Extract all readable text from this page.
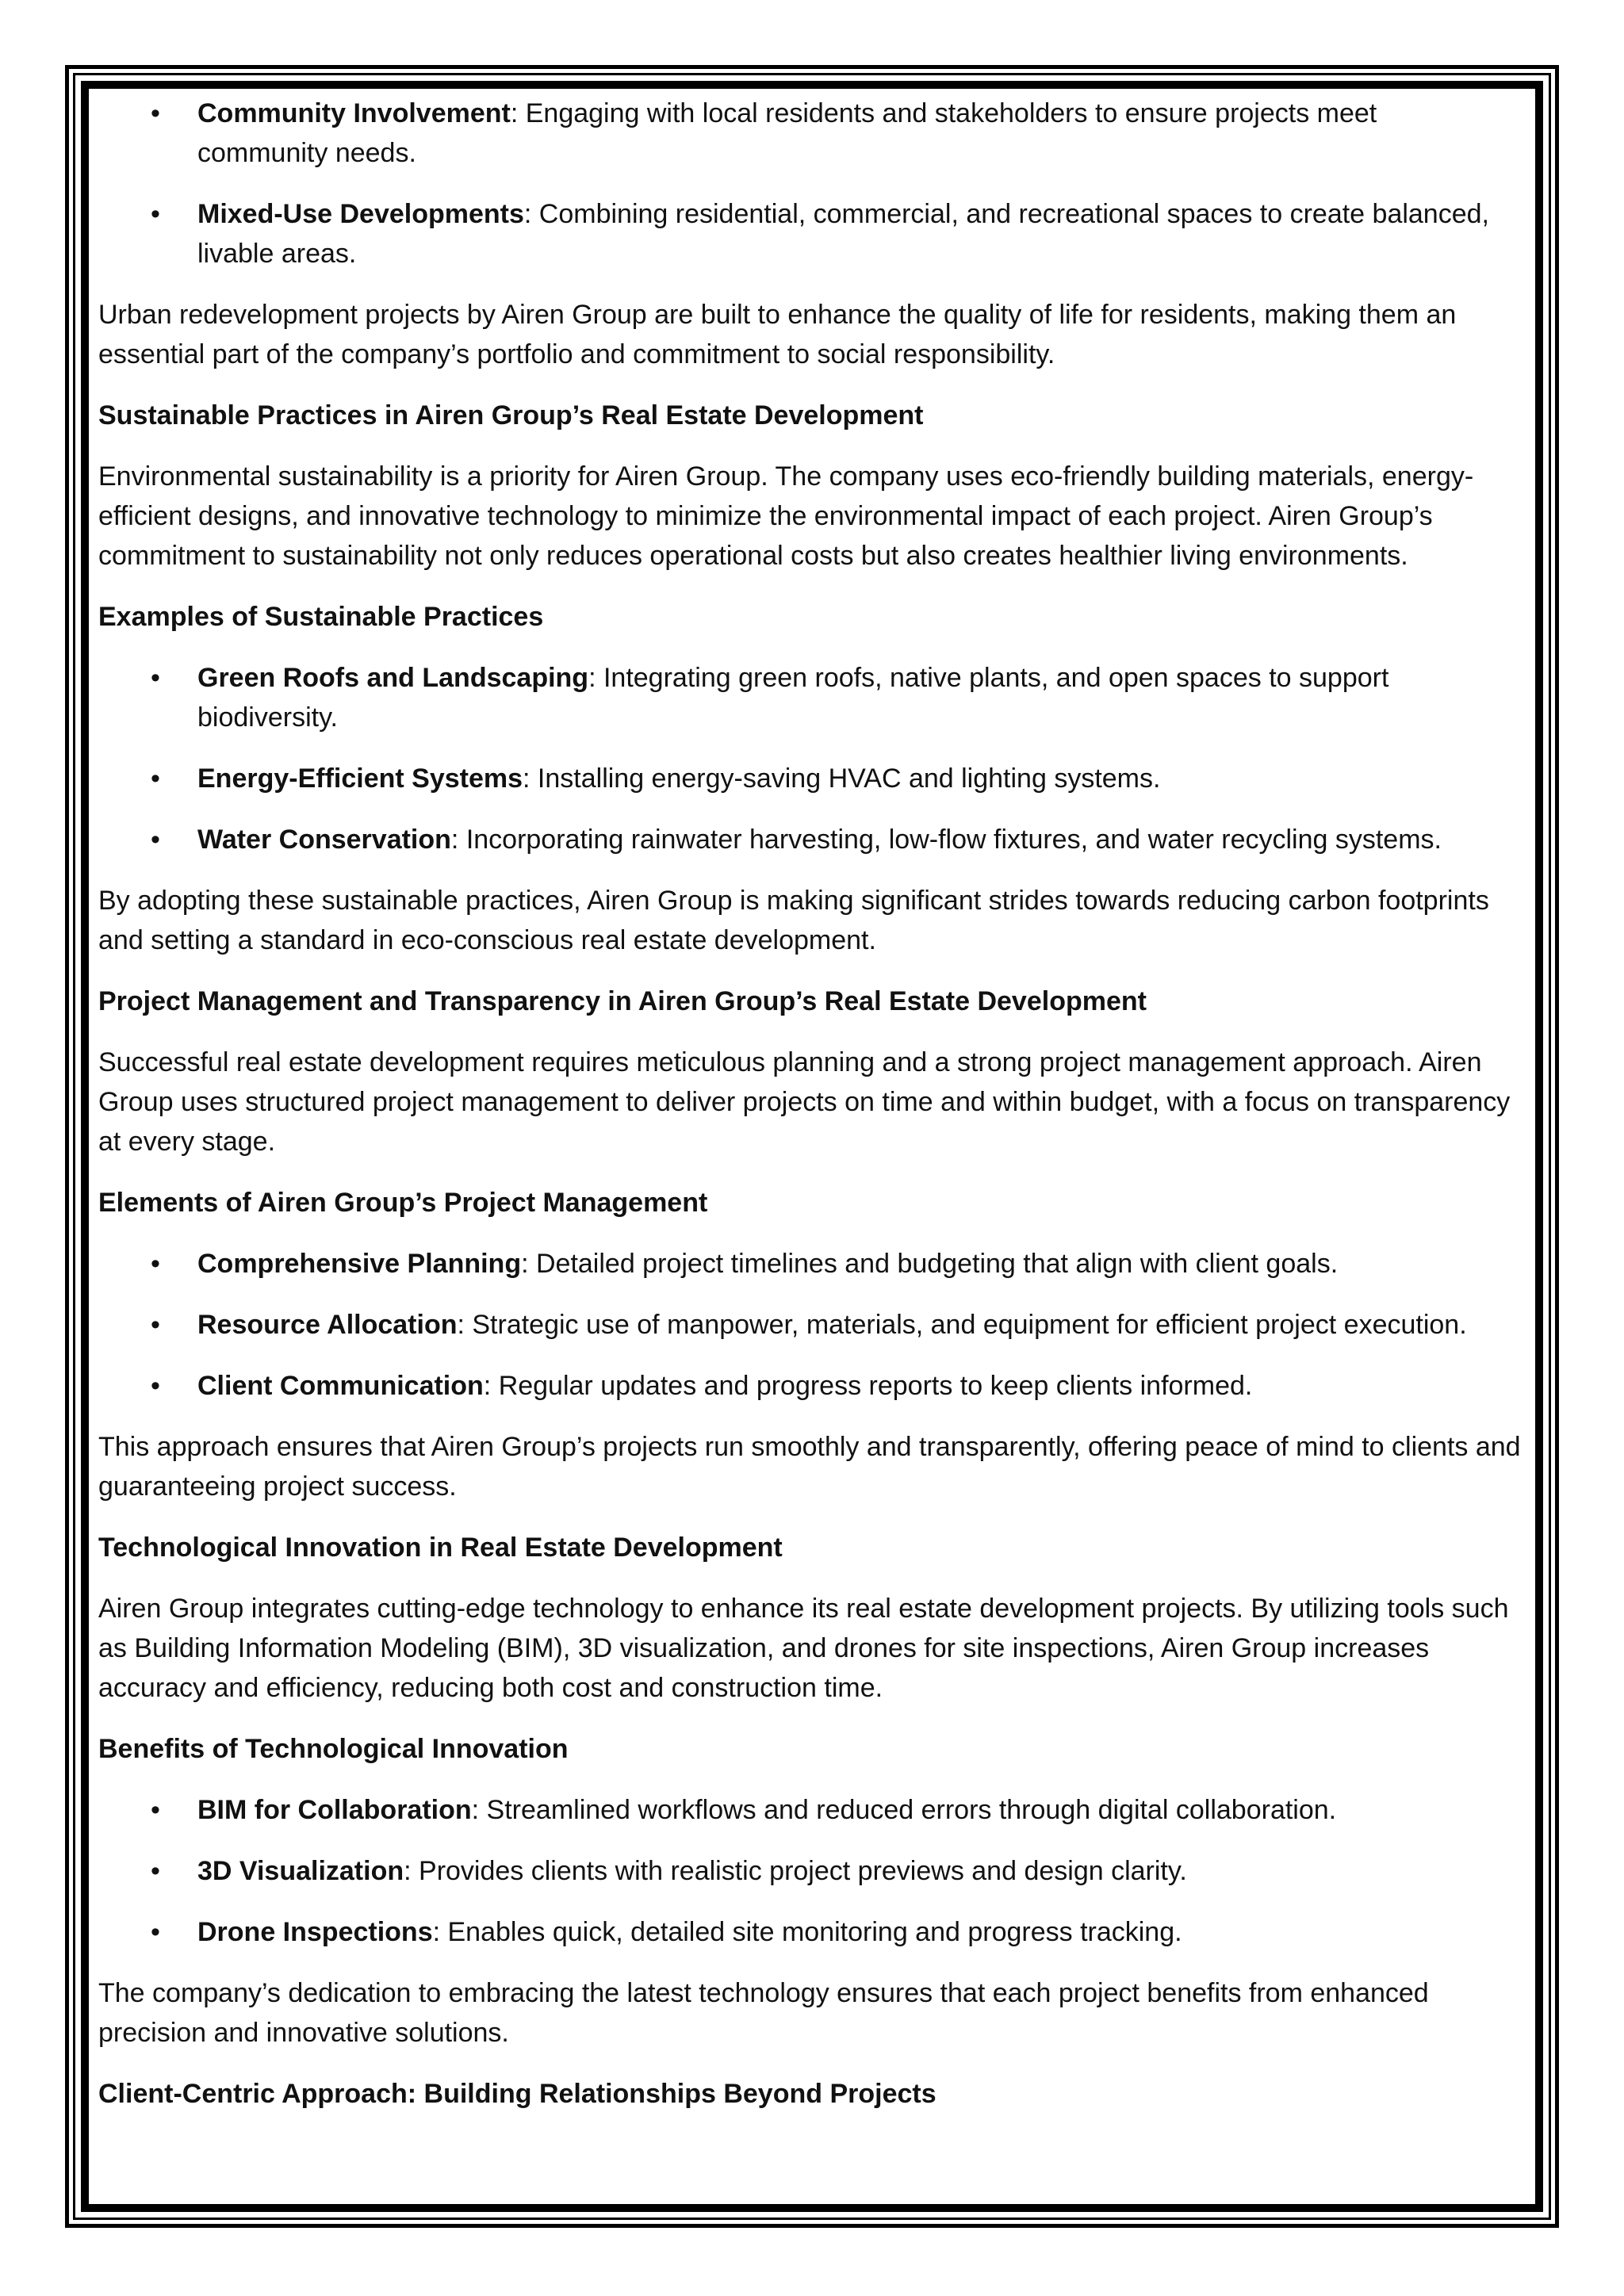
• Community Involvement: Engaging with local residents and stakeholders to ensure projects meet community needs.
• Mixed-Use Developments: Combining residential, commercial, and recreational spaces to create balanced, livable areas.

Urban redevelopment projects by Airen Group are built to enhance the quality of life for residents, making them an essential part of the company’s portfolio and commitment to social responsibility.

Sustainable Practices in Airen Group’s Real Estate Development

Environmental sustainability is a priority for Airen Group. The company uses eco-friendly building materials, energy-efficient designs, and innovative technology to minimize the environmental impact of each project. Airen Group’s commitment to sustainability not only reduces operational costs but also creates healthier living environments.

Examples of Sustainable Practices
• Green Roofs and Landscaping: Integrating green roofs, native plants, and open spaces to support biodiversity.
• Energy-Efficient Systems: Installing energy-saving HVAC and lighting systems.
• Water Conservation: Incorporating rainwater harvesting, low-flow fixtures, and water recycling systems.

By adopting these sustainable practices, Airen Group is making significant strides towards reducing carbon footprints and setting a standard in eco-conscious real estate development.

Project Management and Transparency in Airen Group’s Real Estate Development

Successful real estate development requires meticulous planning and a strong project management approach. Airen Group uses structured project management to deliver projects on time and within budget, with a focus on transparency at every stage.

Elements of Airen Group’s Project Management
• Comprehensive Planning: Detailed project timelines and budgeting that align with client goals.
• Resource Allocation: Strategic use of manpower, materials, and equipment for efficient project execution.
• Client Communication: Regular updates and progress reports to keep clients informed.

This approach ensures that Airen Group’s projects run smoothly and transparently, offering peace of mind to clients and guaranteeing project success.

Technological Innovation in Real Estate Development

Airen Group integrates cutting-edge technology to enhance its real estate development projects. By utilizing tools such as Building Information Modeling (BIM), 3D visualization, and drones for site inspections, Airen Group increases accuracy and efficiency, reducing both cost and construction time.

Benefits of Technological Innovation
• BIM for Collaboration: Streamlined workflows and reduced errors through digital collaboration.
• 3D Visualization: Provides clients with realistic project previews and design clarity.
• Drone Inspections: Enables quick, detailed site monitoring and progress tracking.

The company’s dedication to embracing the latest technology ensures that each project benefits from enhanced precision and innovative solutions.

Client-Centric Approach: Building Relationships Beyond Projects
